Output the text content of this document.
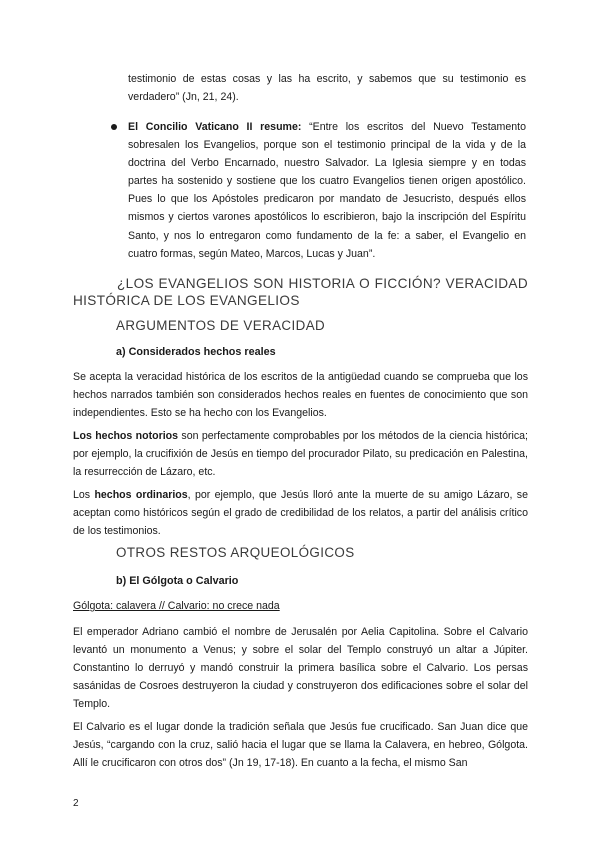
testimonio de estas cosas y las ha escrito, y sabemos que su testimonio es verdadero” (Jn, 21, 24).

El Concilio Vaticano II resume: “Entre los escritos del Nuevo Testamento sobresalen los Evangelios, porque son el testimonio principal de la vida y de la doctrina del Verbo Encarnado, nuestro Salvador. La Iglesia siempre y en todas partes ha sostenido y sostiene que los cuatro Evangelios tienen origen apostólico. Pues lo que los Apóstoles predicaron por mandato de Jesucristo, después ellos mismos y ciertos varones apostólicos lo escribieron, bajo la inscripción del Espíritu Santo, y nos lo entregaron como fundamento de la fe: a saber, el Evangelio en cuatro formas, según Mateo, Marcos, Lucas y Juan”.

¿LOS EVANGELIOS SON HISTORIA O FICCIÓN? VERACIDAD HISTÓRICA DE LOS EVANGELIOS
ARGUMENTOS DE VERACIDAD
a) Considerados hechos reales

Se acepta la veracidad histórica de los escritos de la antigüedad cuando se comprueba que los hechos narrados también son considerados hechos reales en fuentes de conocimiento que son independientes. Esto se ha hecho con los Evangelios.

Los hechos notorios son perfectamente comprobables por los métodos de la ciencia histórica; por ejemplo, la crucifixión de Jesús en tiempo del procurador Pilato, su predicación en Palestina, la resurrección de Lázaro, etc.

Los hechos ordinarios, por ejemplo, que Jesús lloró ante la muerte de su amigo Lázaro, se aceptan como históricos según el grado de credibilidad de los relatos, a partir del análisis crítico de los testimonios.

OTROS RESTOS ARQUEOLÓGICOS
b) El Gólgota o Calvario

Gólgota: calavera // Calvario: no crece nada

El emperador Adriano cambió el nombre de Jerusalén por Aelia Capitolina. Sobre el Calvario levantó un monumento a Venus; y sobre el solar del Templo construyó un altar a Júpiter. Constantino lo derruyó y mandó construir la primera basílica sobre el Calvario. Los persas sasánidas de Cosroes destruyeron la ciudad y construyeron dos edificaciones sobre el solar del Templo.

El Calvario es el lugar donde la tradición señala que Jesús fue crucificado. San Juan dice que Jesús, “cargando con la cruz, salió hacia el lugar que se llama la Calavera, en hebreo, Gólgota. Allí le crucificaron con otros dos” (Jn 19, 17-18). En cuanto a la fecha, el mismo San

2
